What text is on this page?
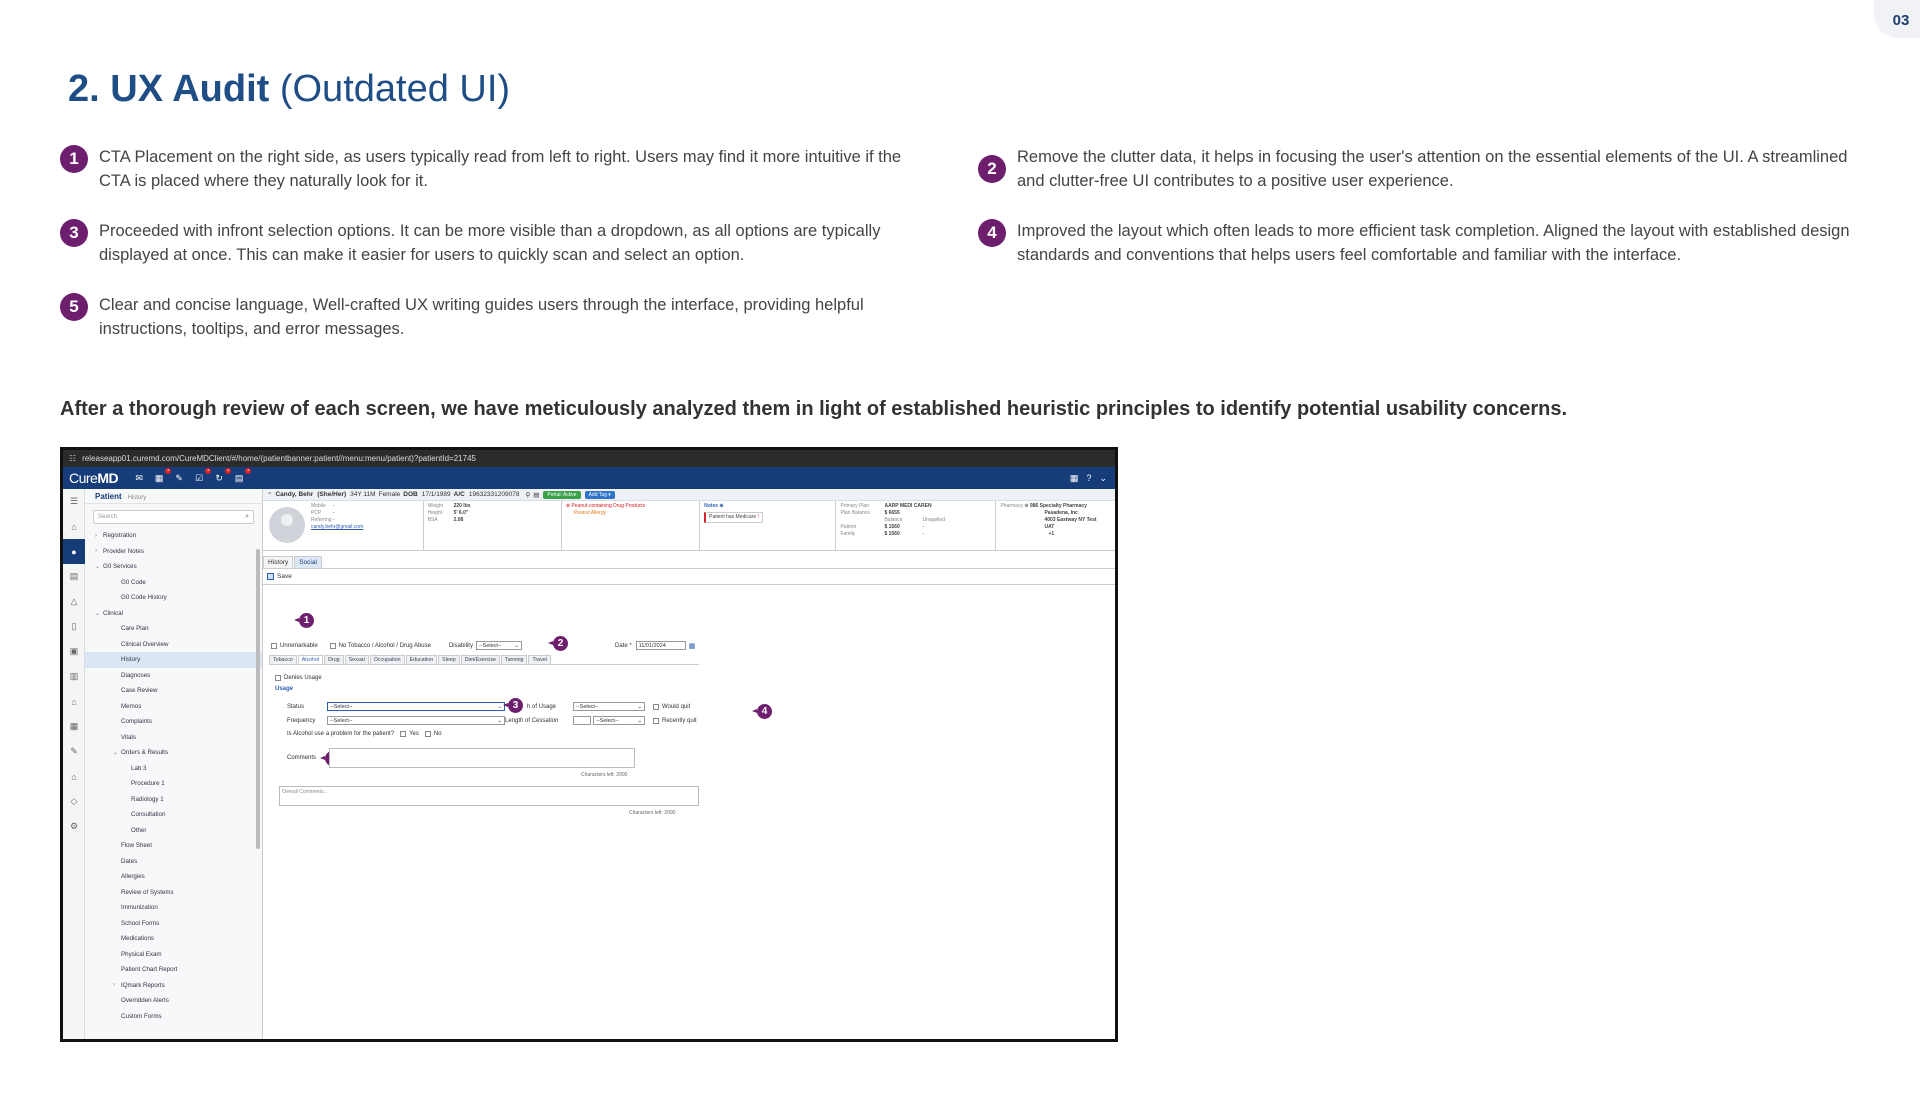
03
2. UX Audit (Outdated UI)
1	CTA Placement on the right side, as users typically read from left to right. Users may find it more intuitive if the CTA is placed where they naturally look for it.
2
Remove the clutter data, it helps in focusing the user's attention on the essential elements of the UI. A streamlined and clutter-free UI contributes to a positive user experience.
3	Proceeded with infront selection options. It can be more visible than a dropdown, as all options are typically displayed at once. This can make it easier for users to quickly scan and select an option.
4	Improved the layout which often leads to more efficient task completion. Aligned the layout with established design standards and conventions that helps users feel comfortable and familiar with the interface.
5	Clear and concise language, Well-crafted UX writing guides users through the interface, providing helpful instructions, tooltips, and error messages.
After a thorough review of each screen, we have meticulously analyzed them in light of established heuristic principles to identify potential usability concerns.
☷ releaseapp01.curemd.com/CureMDClient/#/home/(patientbanner:patient//menu:menu/patient)?patientId=21745
CureMD	✉	▦
•
✎	☑
•
↻
•
▤
•
▦ ? ⌄
☰
⌂
●
▤
△
▯
▣
▥
⌂
▦
✎
⌂
◇
⚙
Patient · History
Search	⌕
› Registration
› Provider Notes
⌄ G0 Services
G0 Code
G0 Code History
⌄ Clinical
Care Plan
Clinical Overview
History
Diagnoses
Case Review
Memos
Complaints
Vitals
⌄ Orders & Results
Lab 3
Procedure 1
Radiology 1
Consultation
Other
Flow Sheet
Dates
Allergies
Review of Systems
Immunization
School Forms
Medications
Physical Exam
Patient Chart Report
› IQmark Reports
Overridden Alerts
Custom Forms
⌃ Candy, Behr (She/Her) 34Y 11M Female DOB 17/1/1989 A/C 19632331209078 ⚲ ▤	Portal: Active	Add Tag ▾
Mobile -
PCP -
Referring-
candy.behr@gmail.com
Weight 220 lbs
Height 5' 6.0"
BSA	2.08
⊗ Peanut-containing Drug Products
Peanut Allergy
Notes ⊕
Patient has Medicare !
Primary Plan	AARP MEDI CAREN
Plan Balance	$ 6655
Balance	Unapplied
Patient	$ 1560	-
Family	$ 1560	-
Pharmacy ⊕ 986 Specialty Pharmacy
Pasadena, Inc
4003 Eastway NY Test
UAT
+1
History	Social
Save
1
Unremarkable	No Tobacco / Alcohol / Drug Abuse	Disability --Select-- ⌄	2	Date * 11/01/2024	▦
Tobacco	Alcohol	Drug	Sexual	Occupation	Education	Sleep	Diet/Exercise	Tanning	Travel
Denies Usage
Usage
Status	--Select--	⌄	3	h of Usage	--Select--	⌄	Would quit	4
Frequency	--Select--	⌄ Length of Cessation	--Select--	⌄	Recently quit
Is Alcohol use a problem for the patient?	Yes	No
Comments
Characters left: 2000
Overall Comments...
Characters left: 2000
